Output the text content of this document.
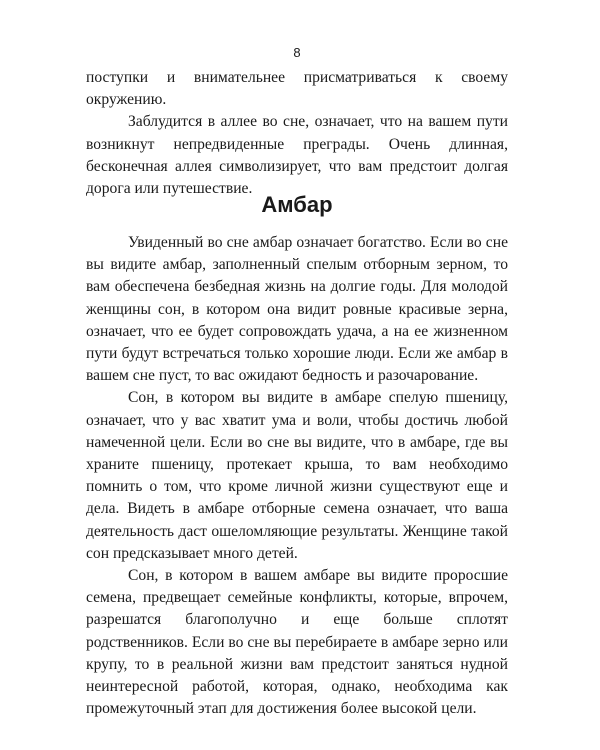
8

поступки и внимательнее присматриваться к своему окружению.

Заблудится в аллее во сне, означает, что на вашем пути возникнут непредвиденные преграды. Очень длинная, бесконечная аллея символизирует, что вам предстоит долгая дорога или путешествие.

Амбар

Увиденный во сне амбар означает богатство. Если во сне вы видите амбар, заполненный спелым отборным зерном, то вам обеспечена безбедная жизнь на долгие годы. Для молодой женщины сон, в котором она видит ровные красивые зерна, означает, что ее будет сопровождать удача, а на ее жизненном пути будут встречаться только хорошие люди. Если же амбар в вашем сне пуст, то вас ожидают бедность и разочарование.

Сон, в котором вы видите в амбаре спелую пшеницу, означает, что у вас хватит ума и воли, чтобы достичь любой намеченной цели. Если во сне вы видите, что в амбаре, где вы храните пшеницу, протекает крыша, то вам необходимо помнить о том, что кроме личной жизни существуют еще и дела. Видеть в амбаре отборные семена означает, что ваша деятельность даст ошеломляющие результаты. Женщине такой сон предсказывает много детей.

Сон, в котором в вашем амбаре вы видите проросшие семена, предвещает семейные конфликты, которые, впрочем, разрешатся благополучно и еще больше сплотят родственников. Если во сне вы перебираете в амбаре зерно или крупу, то в реальной жизни вам предстоит заняться нудной неинтересной работой, которая, однако, необходима как промежуточный этап для достижения более высокой цели.
